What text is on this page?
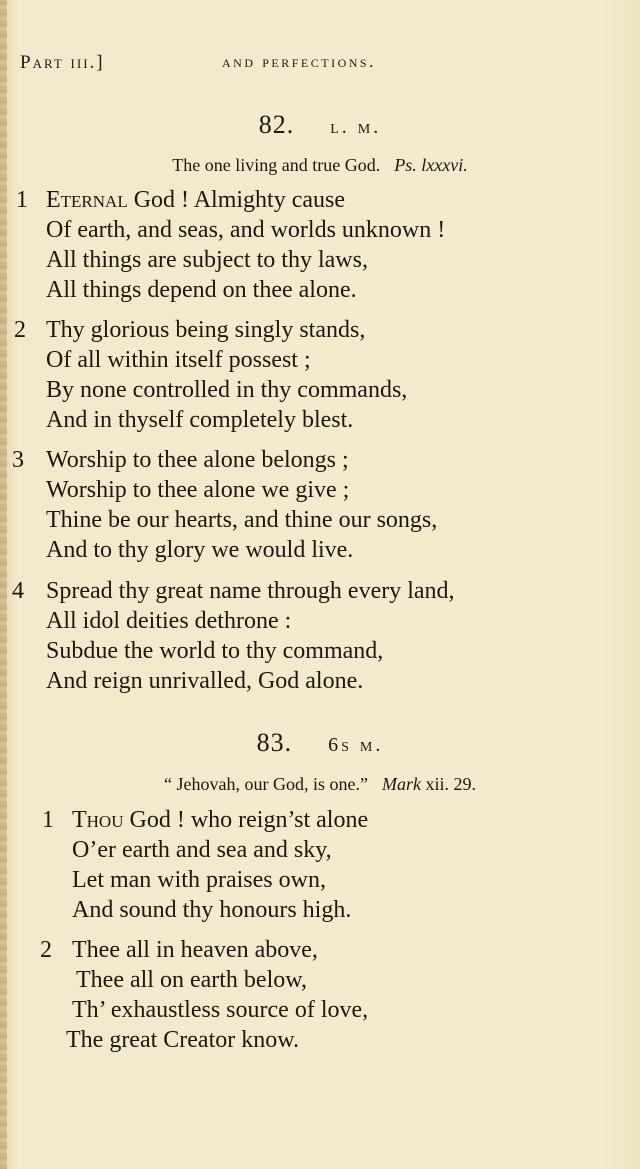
Part iii.]	and perfections.
82. l. m.
The one living and true God. Ps. lxxxvi.
1 Eternal God ! Almighty cause
Of earth, and seas, and worlds unknown !
All things are subject to thy laws,
All things depend on thee alone.
2 Thy glorious being singly stands,
Of all within itself possest ;
By none controlled in thy commands,
And in thyself completely blest.
3 Worship to thee alone belongs ;
Worship to thee alone we give ;
Thine be our hearts, and thine our songs,
And to thy glory we would live.
4 Spread thy great name through every land,
All idol deities dethrone :
Subdue the world to thy command,
And reign unrivalled, God alone.
83. 6s m.
“ Jehovah, our God, is one.” Mark xii. 29.
1 Thou God ! who reign’st alone
O’er earth and sea and sky,
Let man with praises own,
And sound thy honours high.
2 Thee all in heaven above,
Thee all on earth below,
Th’ exhaustless source of love,
The great Creator know.
